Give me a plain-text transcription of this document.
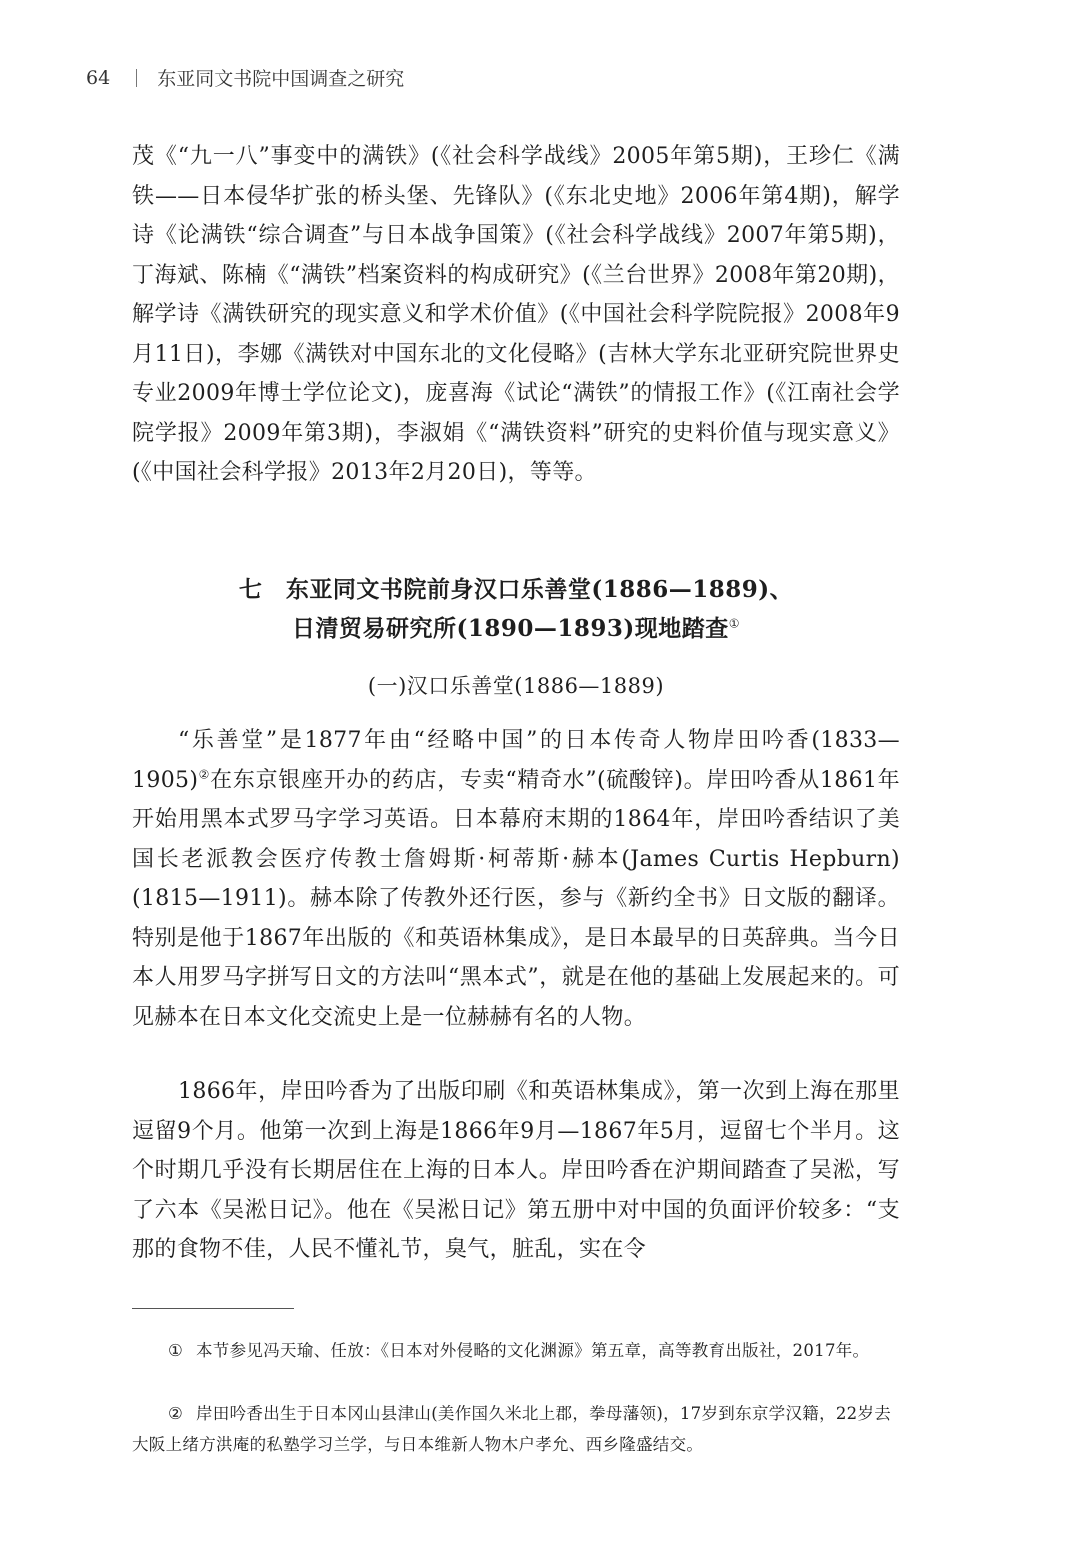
64 东亚同文书院中国调查之研究

茂《“九一八”事变中的满铁》(《社会科学战线》2005年第5期)，王珍仁《满铁——日本侵华扩张的桥头堡、先锋队》(《东北史地》2006年第4期)，解学诗《论满铁“综合调查”与日本战争国策》(《社会科学战线》2007年第5期)，丁海斌、陈楠《“满铁”档案资料的构成研究》(《兰台世界》2008年第20期)，解学诗《满铁研究的现实意义和学术价值》(《中国社会科学院院报》2008年9月11日)，李娜《满铁对中国东北的文化侵略》(吉林大学东北亚研究院世界史专业2009年博士学位论文)，庞喜海《试论“满铁”的情报工作》(《江南社会学院学报》2009年第3期)，李淑娟《“满铁资料”研究的史料价值与现实意义》(《中国社会科学报》2013年2月20日)，等等。

七　东亚同文书院前身汉口乐善堂(1886—1889)、
日清贸易研究所(1890—1893)现地踏查①
(一)汉口乐善堂(1886—1889)

“乐善堂”是1877年由“经略中国”的日本传奇人物岸田吟香(1833—1905)②在东京银座开办的药店，专卖“精奇水”(硫酸锌)。岸田吟香从1861年开始用黑本式罗马字学习英语。日本幕府末期的1864年，岸田吟香结识了美国长老派教会医疗传教士詹姆斯·柯蒂斯·赫本(James Curtis Hepburn)(1815—1911)。赫本除了传教外还行医，参与《新约全书》日文版的翻译。特别是他于1867年出版的《和英语林集成》，是日本最早的日英辞典。当今日本人用罗马字拼写日文的方法叫“黑本式”，就是在他的基础上发展起来的。可见赫本在日本文化交流史上是一位赫赫有名的人物。

1866年，岸田吟香为了出版印刷《和英语林集成》，第一次到上海在那里逗留9个月。他第一次到上海是1866年9月—1867年5月，逗留七个半月。这个时期几乎没有长期居住在上海的日本人。岸田吟香在沪期间踏查了吴淞，写了六本《吴淞日记》。他在《吴淞日记》第五册中对中国的负面评价较多：“支那的食物不佳，人民不懂礼节，臭气，脏乱，实在令

① 本节参见冯天瑜、任放：《日本对外侵略的文化渊源》第五章，高等教育出版社，2017年。

② 岸田吟香出生于日本冈山县津山(美作国久米北上郡，拳母藩领)，17岁到东京学汉籍，22岁去大阪上绪方洪庵的私塾学习兰学，与日本维新人物木户孝允、西乡隆盛结交。
